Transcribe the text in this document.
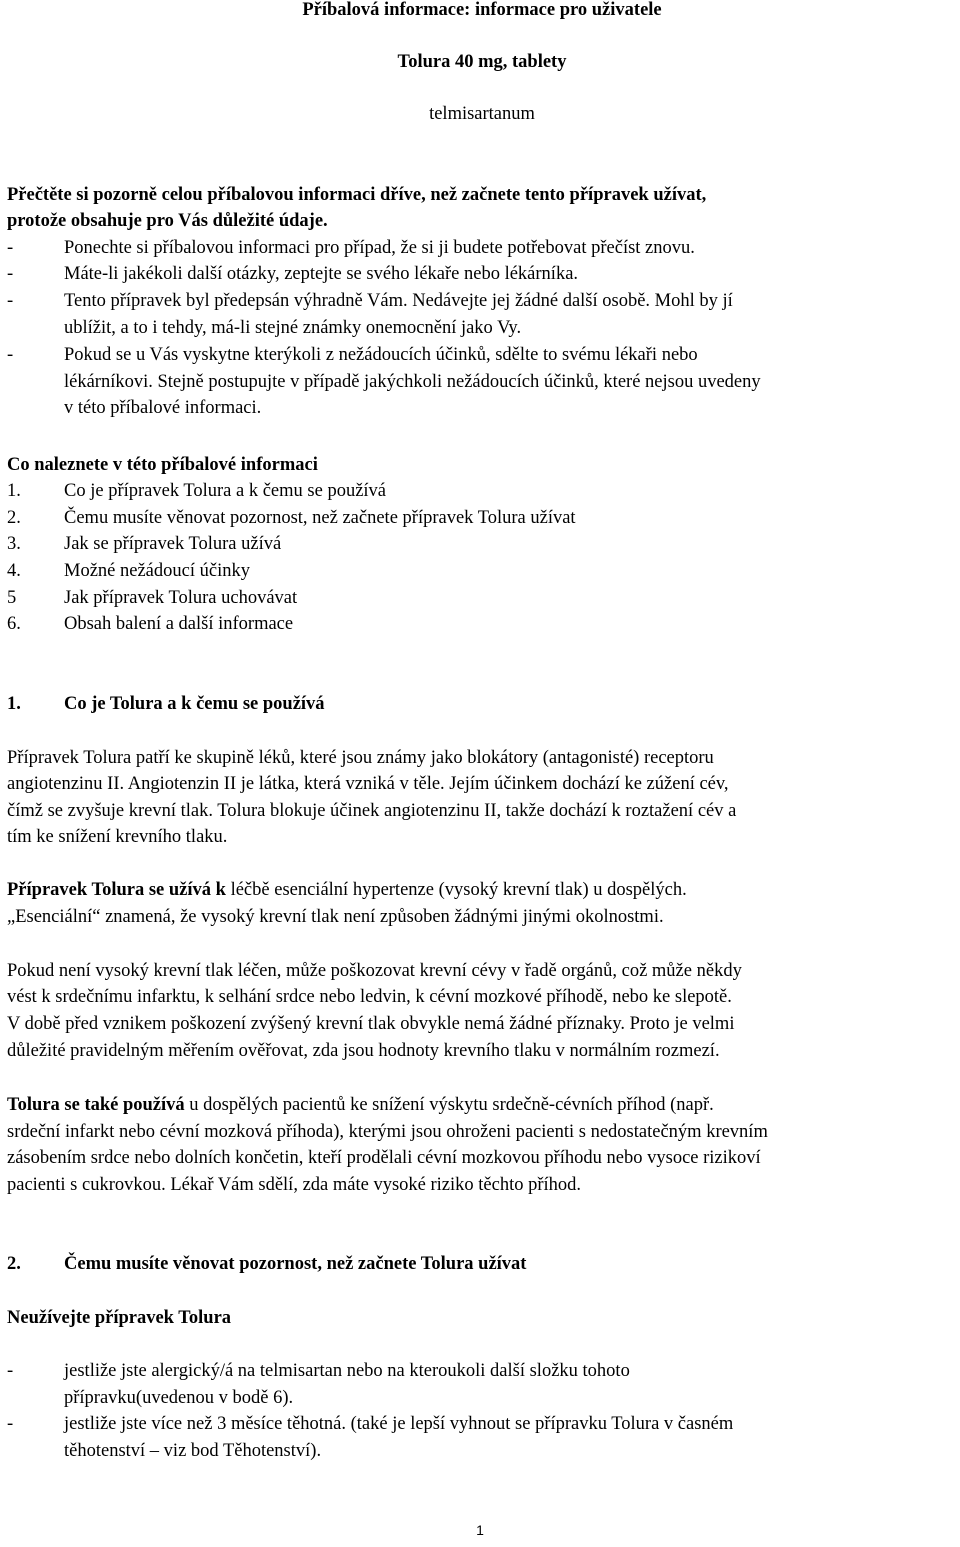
Příbalová informace: informace pro uživatele
Tolura 40 mg, tablety
telmisartanum
Přečtěte si pozorně celou příbalovou informaci dříve, než začnete tento přípravek užívat,
protože obsahuje pro Vás důležité údaje.
-	Ponechte si příbalovou informaci pro případ, že si ji budete potřebovat přečíst znovu.
-	Máte-li jakékoli další otázky, zeptejte se svého lékaře nebo lékárníka.
-	Tento přípravek byl předepsán výhradně Vám. Nedávejte jej žádné další osobě. Mohl by jí
ublížit, a to i tehdy, má-li stejné známky onemocnění jako Vy.
-	Pokud se u Vás vyskytne kterýkoli z nežádoucích účinků, sdělte to svému lékaři nebo
lékárníkovi. Stejně postupujte v případě jakýchkoli nežádoucích účinků, které nejsou uvedeny
v této příbalové informaci.
Co naleznete v této příbalové informaci
1. Co je přípravek Tolura a k čemu se používá
2. Čemu musíte věnovat pozornost, než začnete přípravek Tolura užívat
3. Jak se přípravek Tolura užívá
4. Možné nežádoucí účinky
5	Jak přípravek Tolura uchovávat
6. Obsah balení a další informace
1. Co je Tolura a k čemu se používá
Přípravek Tolura patří ke skupině léků, které jsou známy jako blokátory (antagonisté) receptoru
angiotenzinu II. Angiotenzin II je látka, která vzniká v těle. Jejím účinkem dochází ke zúžení cév,
čímž se zvyšuje krevní tlak. Tolura blokuje účinek angiotenzinu II, takže dochází k roztažení cév a
tím ke snížení krevního tlaku.
Přípravek Tolura se užívá k léčbě esenciální hypertenze (vysoký krevní tlak) u dospělých.
„Esenciální“ znamená, že vysoký krevní tlak není způsoben žádnými jinými okolnostmi.
Pokud není vysoký krevní tlak léčen, může poškozovat krevní cévy v řadě orgánů, což může někdy
vést k srdečnímu infarktu, k selhání srdce nebo ledvin, k cévní mozkové příhodě, nebo ke slepotě.
V době před vznikem poškození zvýšený krevní tlak obvykle nemá žádné příznaky. Proto je velmi
důležité pravidelným měřením ověřovat, zda jsou hodnoty krevního tlaku v normálním rozmezí.
Tolura se také používá u dospělých pacientů ke snížení výskytu srdečně-cévních příhod (např.
srdeční infarkt nebo cévní mozková příhoda), kterými jsou ohroženi pacienti s nedostatečným krevním
zásobením srdce nebo dolních končetin, kteří prodělali cévní mozkovou příhodu nebo vysoce rizikoví
pacienti s cukrovkou. Lékař Vám sdělí, zda máte vysoké riziko těchto příhod.
2. Čemu musíte věnovat pozornost, než začnete Tolura užívat
Neužívejte přípravek Tolura
-	jestliže jste alergický/á na telmisartan nebo na kteroukoli další složku tohoto
přípravku(uvedenou v bodě 6).
-	jestliže jste více než 3 měsíce těhotná. (také je lepší vyhnout se přípravku Tolura v časném
těhotenství – viz bod Těhotenství).
1
